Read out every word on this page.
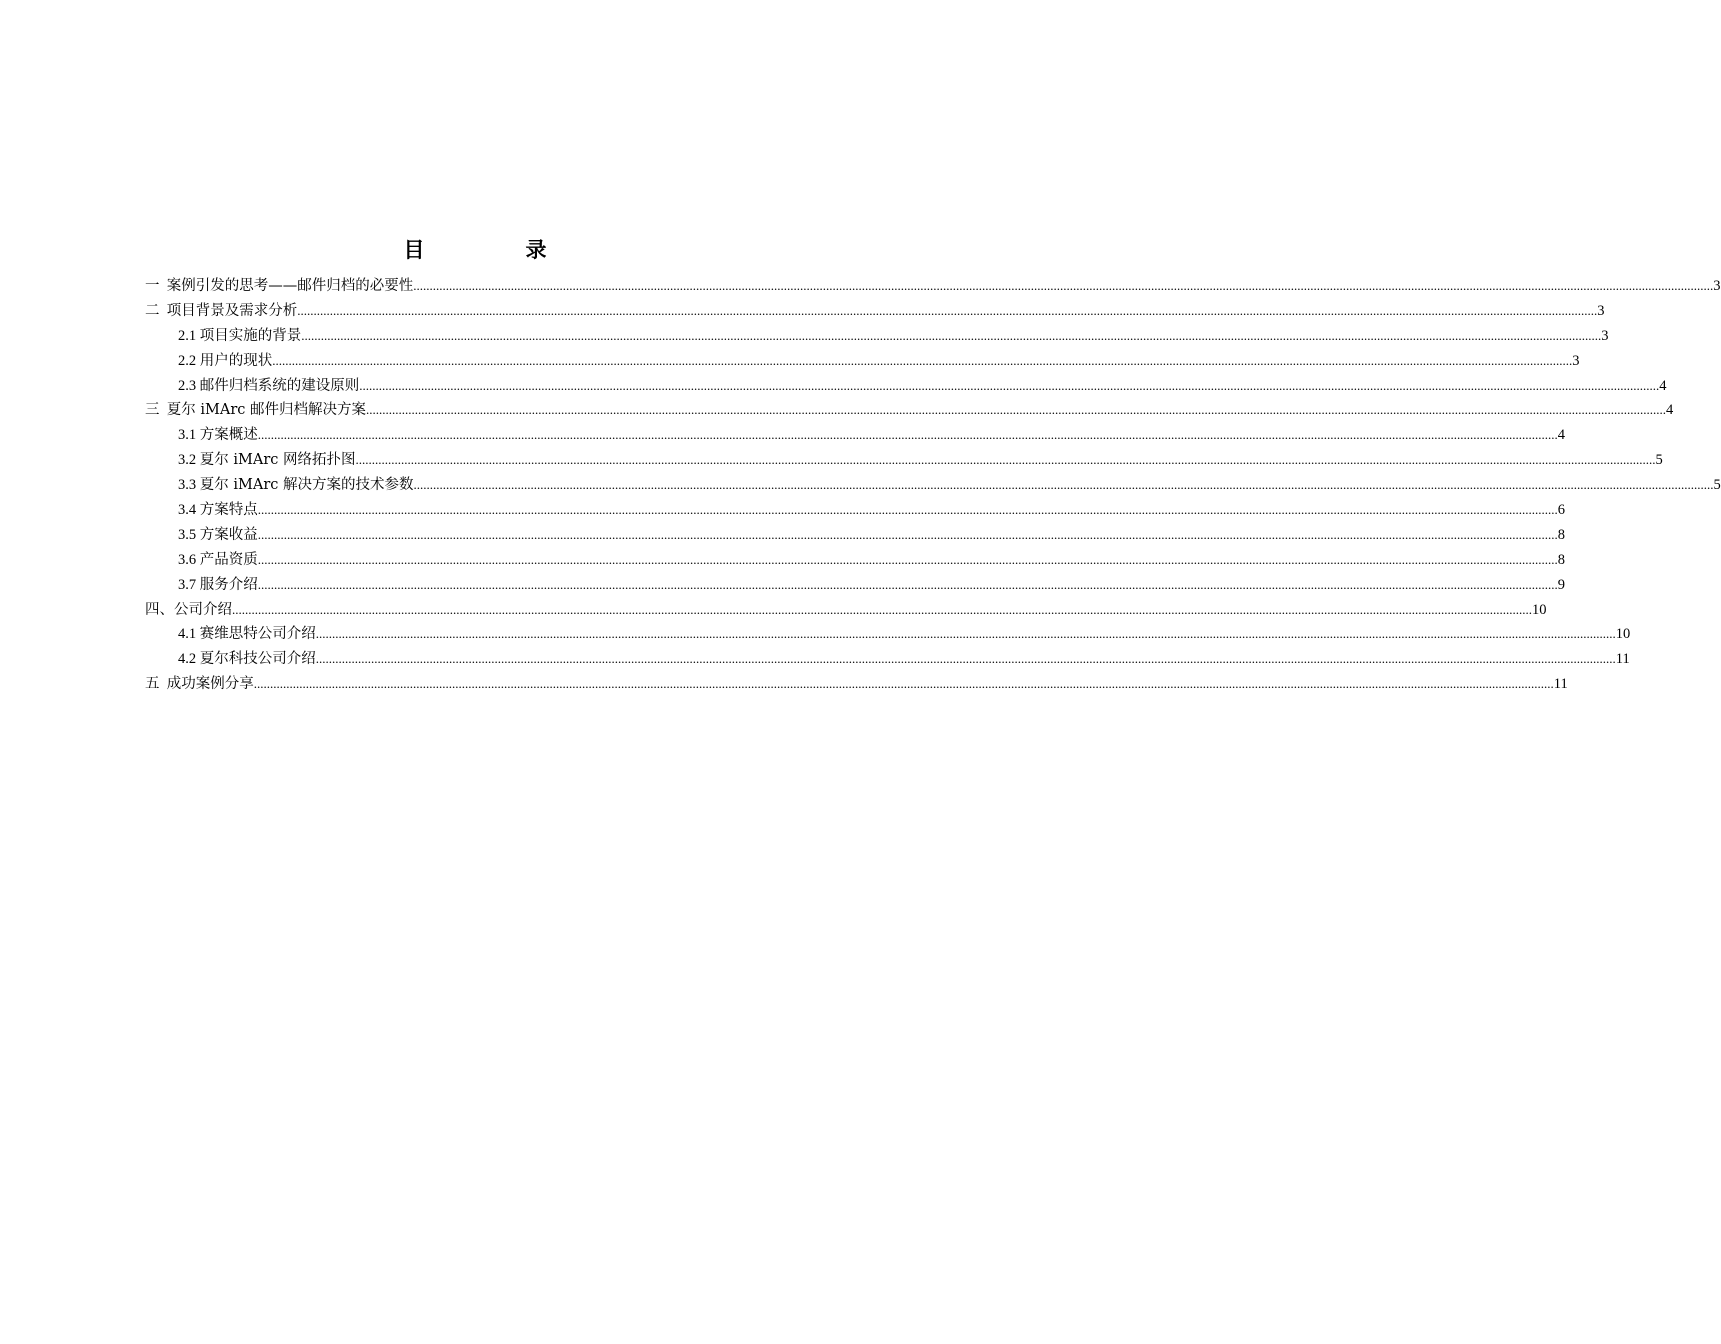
目　录
一 案例引发的思考——邮件归档的必要性 ................................................................................................................................................................................................................................................................................................................................................................................................................ 3
二 项目背景及需求分析 ................................................................................................................................................................................................................................................................................................................................................................................................................ 3
2.1 项目实施的背景 ................................................................................................................................................................................................................................................................................................................................................................................................................ 3
2.2 用户的现状 ................................................................................................................................................................................................................................................................................................................................................................................................................ 3
2.3 邮件归档系统的建设原则 ................................................................................................................................................................................................................................................................................................................................................................................................................ 4
三 夏尔 iMArc 邮件归档解决方案 ................................................................................................................................................................................................................................................................................................................................................................................................................ 4
3.1 方案概述 ................................................................................................................................................................................................................................................................................................................................................................................................................ 4
3.2 夏尔 iMArc 网络拓扑图 ................................................................................................................................................................................................................................................................................................................................................................................................................ 5
3.3 夏尔 iMArc 解决方案的技术参数 ................................................................................................................................................................................................................................................................................................................................................................................................................ 5
3.4 方案特点 ................................................................................................................................................................................................................................................................................................................................................................................................................ 6
3.5 方案收益 ................................................................................................................................................................................................................................................................................................................................................................................................................ 8
3.6 产品资质 ................................................................................................................................................................................................................................................................................................................................................................................................................ 8
3.7 服务介绍 ................................................................................................................................................................................................................................................................................................................................................................................................................ 9
四、 公司介绍 ................................................................................................................................................................................................................................................................................................................................................................................................................ 10
4.1 赛维思特公司介绍 ................................................................................................................................................................................................................................................................................................................................................................................................................ 10
4.2 夏尔科技公司介绍 ................................................................................................................................................................................................................................................................................................................................................................................................................ 11
五 成功案例分享 ................................................................................................................................................................................................................................................................................................................................................................................................................ 11
